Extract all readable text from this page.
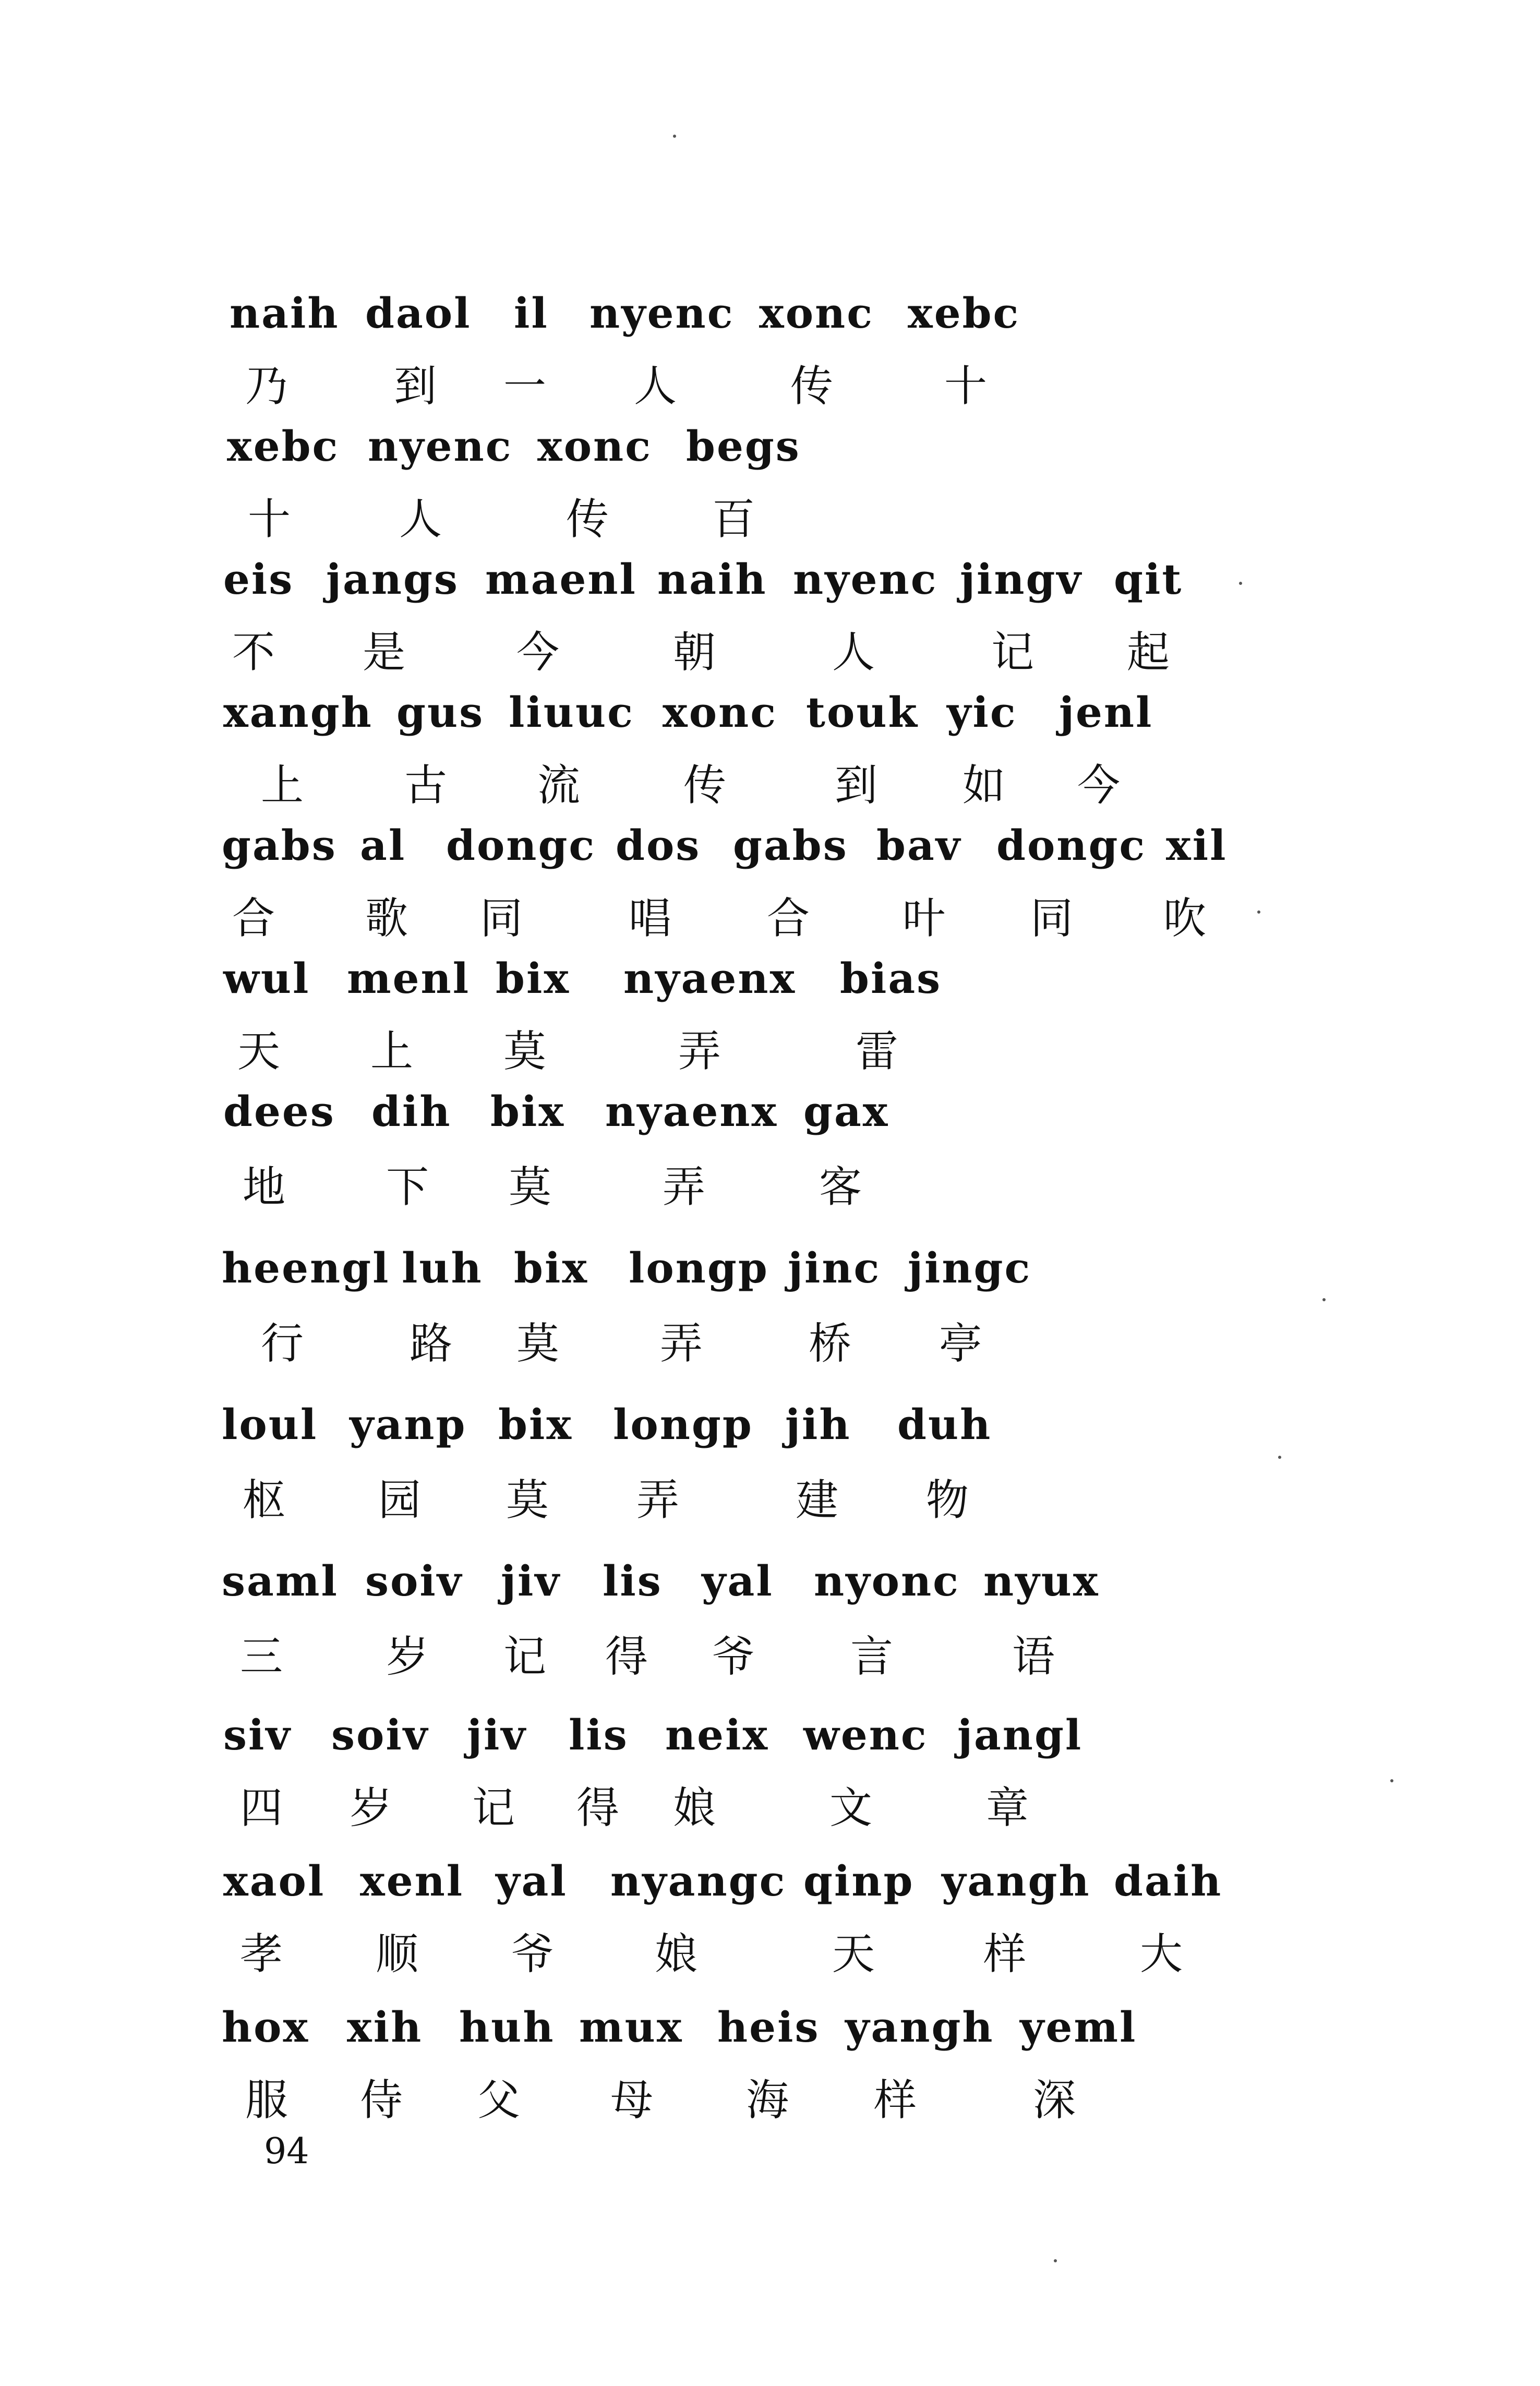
naih daol il nyenc xonc xebc
乃 到 一 人	传	十
xebc nyenc xonc begs
十	人	传 百
eis jangs maenl naih nyenc jingv qit
不 是	今	朝	人	记 起
xangh gus liuuc xonc touk yic jenl
上 古 流 传	到 如 今
gabs al dongc dos gabs bav dongc xil
合 歌 同 唱 合 叶 同 吹
wul menl bix nyaenx bias
天 上 莫	弄	雷
dees dih bix nyaenx gax
地 下 莫	弄	客
heengl luh bix longp jinc jingc
行 路 莫 弄 桥 亭
loul yanp bix longp jih duh
枢 园 莫 弄	建 物
saml soiv jiv lis yal nyonc nyux
三 岁 记 得 爷 言	语
siv soiv jiv lis neix wenc jangl
四 岁 记 得 娘	文	章
xaol xenl yal nyangc qinp yangh daih
孝 顺 爷 娘	天	样	大
hox xih huh mux heis yangh yeml
服 侍 父 母 海 样	深
94
